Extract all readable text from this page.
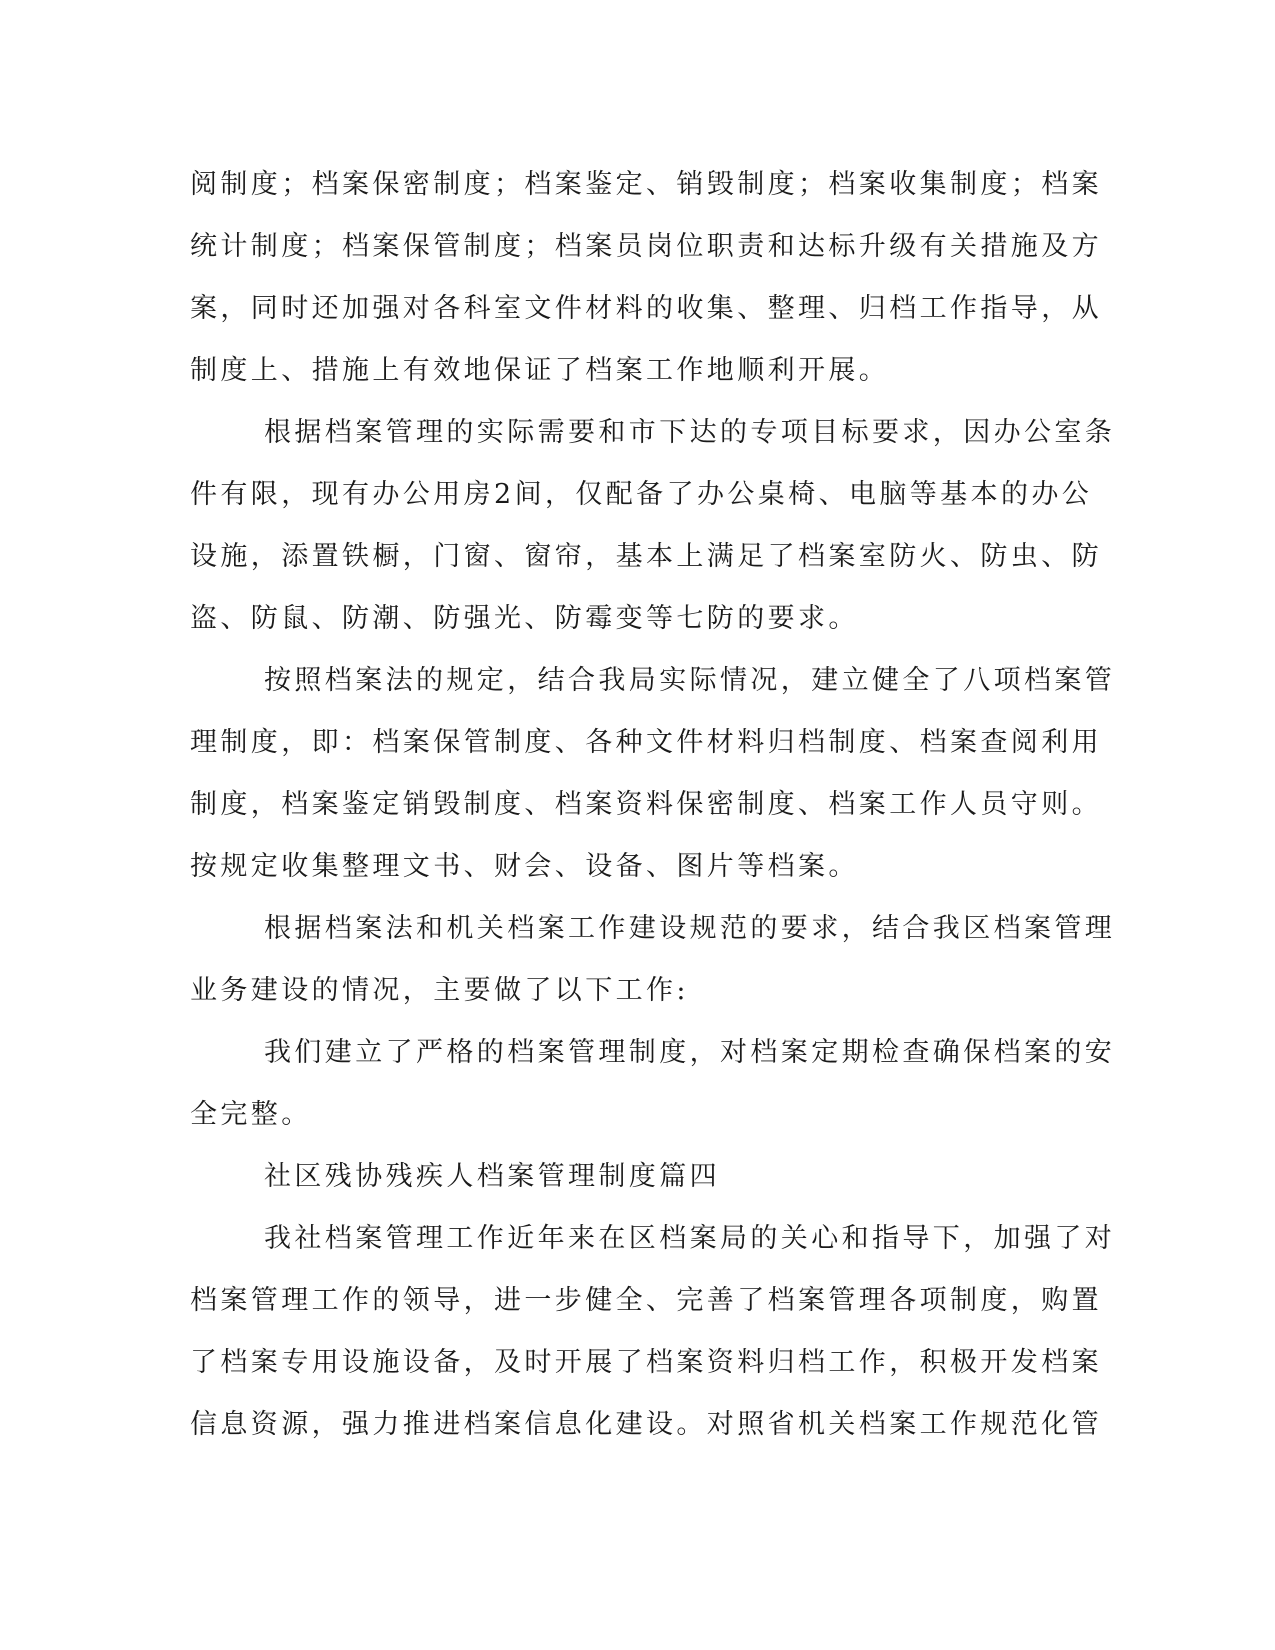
阅制度；档案保密制度；档案鉴定、销毁制度；档案收集制度；档案
统计制度；档案保管制度；档案员岗位职责和达标升级有关措施及方
案，同时还加强对各科室文件材料的收集、整理、归档工作指导，从
制度上、措施上有效地保证了档案工作地顺利开展。
根据档案管理的实际需要和市下达的专项目标要求，因办公室条
件有限，现有办公用房2间，仅配备了办公桌椅、电脑等基本的办公
设施，添置铁橱，门窗、窗帘，基本上满足了档案室防火、防虫、防
盗、防鼠、防潮、防强光、防霉变等七防的要求。
按照档案法的规定，结合我局实际情况，建立健全了八项档案管
理制度，即：档案保管制度、各种文件材料归档制度、档案查阅利用
制度，档案鉴定销毁制度、档案资料保密制度、档案工作人员守则。
按规定收集整理文书、财会、设备、图片等档案。
根据档案法和机关档案工作建设规范的要求，结合我区档案管理
业务建设的情况，主要做了以下工作:
我们建立了严格的档案管理制度，对档案定期检查确保档案的安
全完整。
社区残协残疾人档案管理制度篇四
我社档案管理工作近年来在区档案局的关心和指导下，加强了对
档案管理工作的领导，进一步健全、完善了档案管理各项制度，购置
了档案专用设施设备，及时开展了档案资料归档工作，积极开发档案
信息资源，强力推进档案信息化建设。对照省机关档案工作规范化管
